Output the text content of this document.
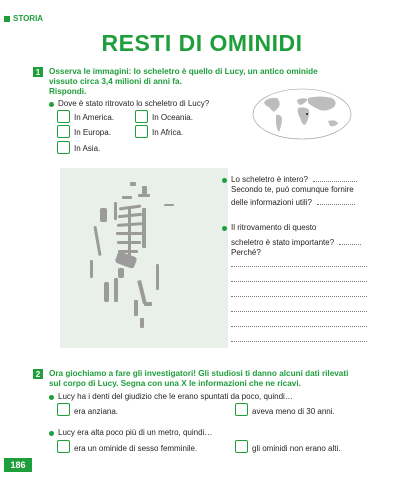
STORIA
RESTI DI OMINIDI
1	Osserva le immagini: lo scheletro è quello di Lucy, un antico ominide
vissuto circa 3,4 milioni di anni fa.
Rispondi.
Dove è stato ritrovato lo scheletro di Lucy?
In America.	In Oceania.
In Europa.	In Africa.
In Asia.
Lo scheletro è intero?
Secondo te, può comunque fornire
delle informazioni utili?
Il ritrovamento di questo
scheletro è stato importante?
Perché?
2	Ora giochiamo a fare gli investigatori! Gli studiosi ti danno alcuni dati rilevati
sul corpo di Lucy. Segna con una X le informazioni che ne ricavi.
Lucy ha i denti del giudizio che le erano spuntati da poco, quindi…
era anziana.	aveva meno di 30 anni.
Lucy era alta poco più di un metro, quindi…
era un ominide di sesso femminile.	gli ominidi non erano alti.
186
